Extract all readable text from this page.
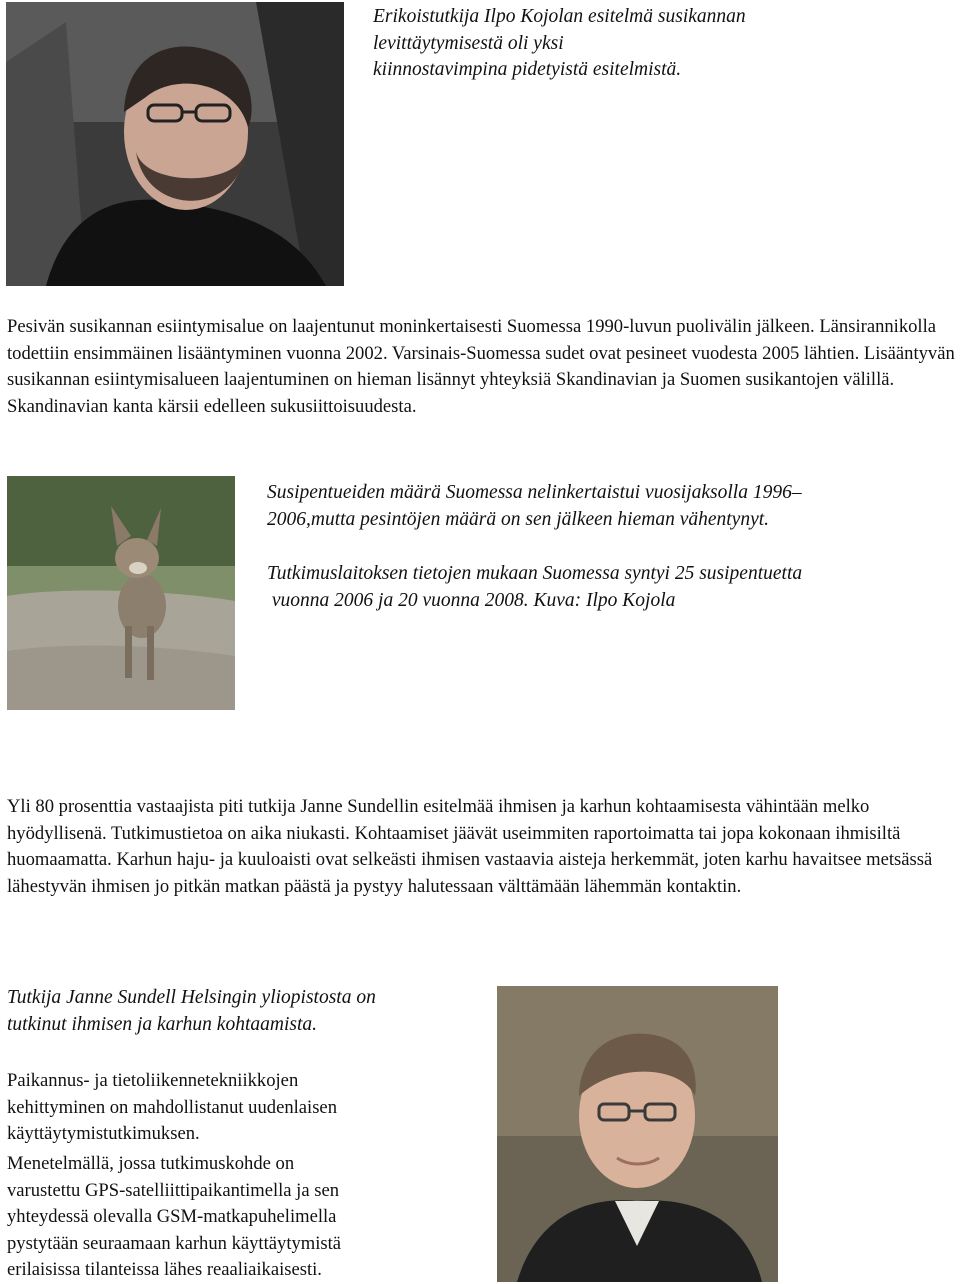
Erikoistutkija Ilpo Kojolan esitelmä susikannan
levittäytymisestä oli yksi
kiinnostavimpina pidetyistä esitelmistä.

Pesivän susikannan esiintymisalue on laajentunut moninkertaisesti Suomessa 1990-luvun puolivälin jälkeen. Länsirannikolla todettiin ensimmäinen lisääntyminen vuonna 2002. Varsinais-Suomessa sudet ovat pesineet vuodesta 2005 lähtien. Lisääntyvän susikannan esiintymisalueen laajentuminen on hieman lisännyt yhteyksiä Skandinavian ja Suomen susikantojen välillä. Skandinavian kanta kärsii edelleen sukusiittoisuudesta.

Susipentueiden määrä Suomessa nelinkertaistui vuosijaksolla 1996–
2006,mutta pesintöjen määrä on sen jälkeen hieman vähentynyt.
Tutkimuslaitoksen tietojen mukaan Suomessa syntyi 25 susipentuetta
vuonna 2006 ja 20 vuonna 2008. Kuva: Ilpo Kojola

Yli 80 prosenttia vastaajista piti tutkija Janne Sundellin esitelmää ihmisen ja karhun kohtaamisesta vähintään melko hyödyllisenä. Tutkimustietoa on aika niukasti. Kohtaamiset jäävät useimmiten raportoimatta tai jopa kokonaan ihmisiltä huomaamatta. Karhun haju- ja kuuloaisti ovat selkeästi ihmisen vastaavia aisteja herkemmät, joten karhu havaitsee metsässä lähestyvän ihmisen jo pitkän matkan päästä ja pystyy halutessaan välttämään lähemmän kontaktin.

Tutkija Janne Sundell Helsingin yliopistosta on
tutkinut ihmisen ja karhun kohtaamista.
Paikannus- ja tietoliikennetekniikkojen
kehittyminen on mahdollistanut uudenlaisen
käyttäytymistutkimuksen.
Menetelmällä, jossa tutkimuskohde on
varustettu GPS-satelliittipaikantimella ja sen
yhteydessä olevalla GSM-matkapuhelimella
pystytään seuraamaan karhun käyttäytymistä
erilaisissa tilanteissa lähes reaaliaikaisesti.
